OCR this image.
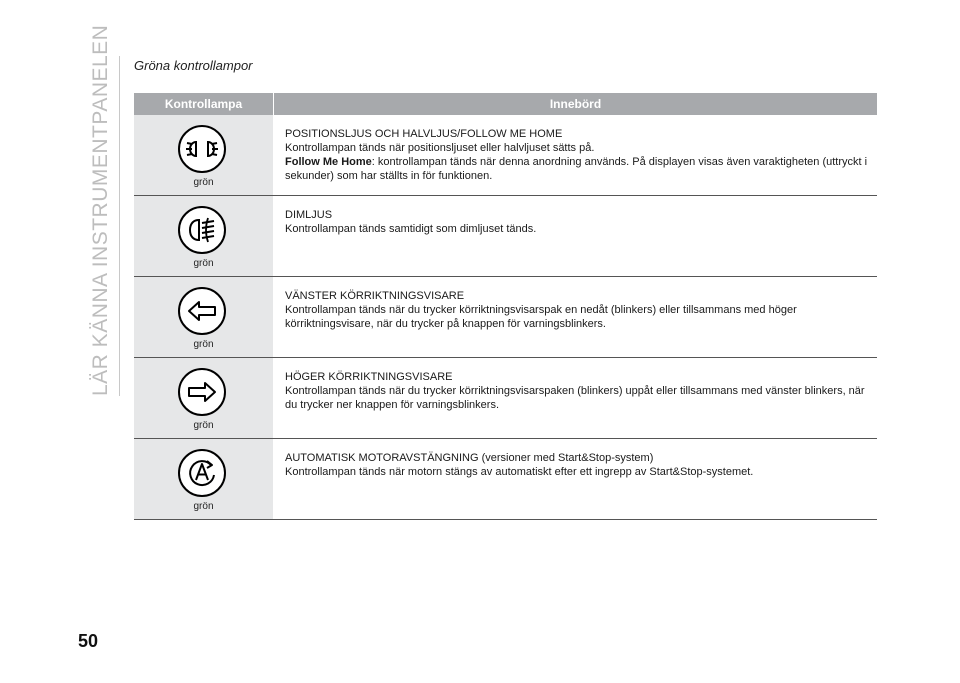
LÄR KÄNNA INSTRUMENTPANELEN	Gröna kontrollampor
Kontrollampa	Innebörd
grön
POSITIONSLJUS OCH HALVLJUS/FOLLOW ME HOME
Kontrollampan tänds när positionsljuset eller halvljuset sätts på.
Follow Me Home: kontrollampan tänds när denna anordning används. På displayen visas även varaktigheten (uttryckt i sekunder) som har ställts in för funktionen.
grön
DIMLJUS
Kontrollampan tänds samtidigt som dimljuset tänds.
grön
VÄNSTER KÖRRIKTNINGSVISARE
Kontrollampan tänds när du trycker körriktningsvisarspak en nedåt (blinkers) eller tillsammans med höger körriktningsvisare, när du trycker på knappen för varningsblinkers.
grön
HÖGER KÖRRIKTNINGSVISARE
Kontrollampan tänds när du trycker körriktningsvisarspaken (blinkers) uppåt eller tillsammans med vänster blinkers, när du trycker ner knappen för varningsblinkers.
grön
AUTOMATISK MOTORAVSTÄNGNING (versioner med Start&Stop-system)
Kontrollampan tänds när motorn stängs av automatiskt efter ett ingrepp av Start&Stop-systemet.
50
